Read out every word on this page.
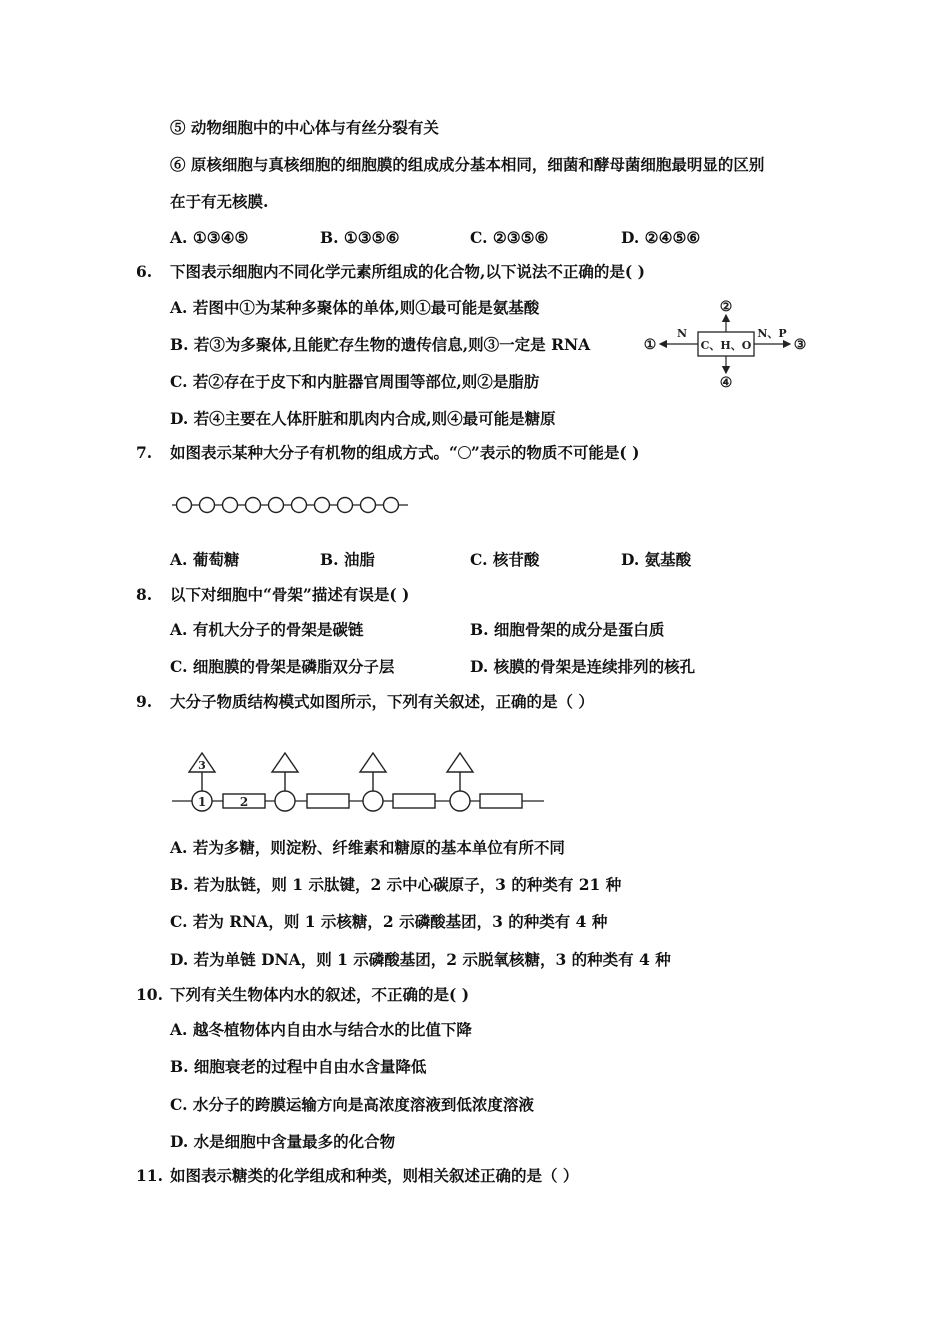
⑤ 动物细胞中的中心体与有丝分裂有关
⑥ 原核细胞与真核细胞的细胞膜的组成成分基本相同，细菌和酵母菌细胞最明显的区别
在于有无核膜.
A. ①③④⑤	B. ①③⑤⑥	C. ②③⑤⑥	D. ②④⑤⑥
6.	下图表示细胞内不同化学元素所组成的化合物,以下说法不正确的是( )
A. 若图中①为某种多聚体的单体,则①最可能是氨基酸
B. 若③为多聚体,且能贮存生物的遗传信息,则③一定是 RNA
C. 若②存在于皮下和内脏器官周围等部位,则②是脂肪
D. 若④主要在人体肝脏和肌肉内合成,则④最可能是糖原
C、H、O
N	N、P
①
②
③
④
7.	如图表示某种大分子有机物的组成方式。“ ”表示的物质不可能是( )
A. 葡萄糖	B. 油脂	C. 核苷酸	D. 氨基酸
8.	以下对细胞中“骨架”描述有误是( )
A. 有机大分子的骨架是碳链	B. 细胞骨架的成分是蛋白质
C. 细胞膜的骨架是磷脂双分子层	D. 核膜的骨架是连续排列的核孔
9.	大分子物质结构模式如图所示，下列有关叙述，正确的是（ ）
3
1	2
A. 若为多糖，则淀粉、纤维素和糖原的基本单位有所不同
B. 若为肽链，则 1 示肽键，2 示中心碳原子，3 的种类有 21 种
C. 若为 RNA，则 1 示核糖，2 示磷酸基团，3 的种类有 4 种
D. 若为单链 DNA，则 1 示磷酸基团，2 示脱氧核糖，3 的种类有 4 种
10. 下列有关生物体内水的叙述，不正确的是( )
A. 越冬植物体内自由水与结合水的比值下降
B. 细胞衰老的过程中自由水含量降低
C. 水分子的跨膜运输方向是高浓度溶液到低浓度溶液
D. 水是细胞中含量最多的化合物
11. 如图表示糖类的化学组成和种类，则相关叙述正确的是（ ）
